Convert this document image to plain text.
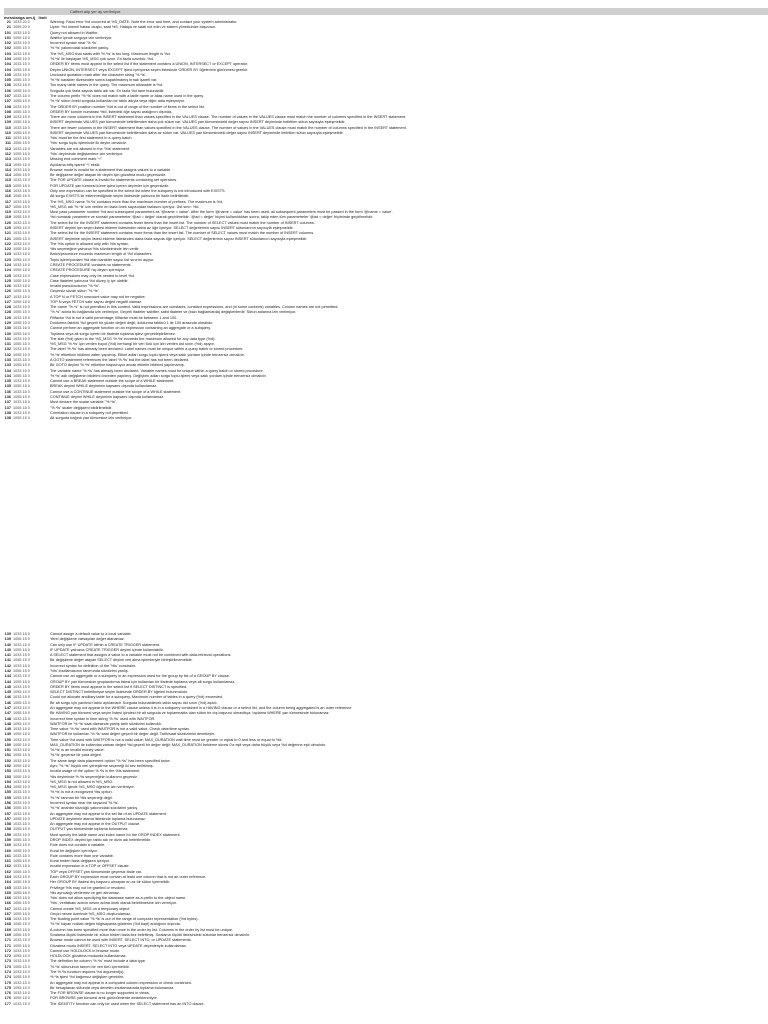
Caffeet alip yer ay verilmiyor.
messlanga om.ij_ limit
21 1033 20 0	Warning: Fatal error %d occurred at %S_DATE. Note the error and time, and contact your system administrator.
21 1055 20 0	Uyarı: %d önemli hatası oluştu, saat %S. Hataya ve saati not edin ve sistem yöneticinize başvurun.
101 1033 15 0	Query not allowed in Waitfor.
101 1055 15 0	Waitfor içinde sorguya izin verilmiyor.
102 1033 15 0	Incorrect syntax near '%.*ls'.
102 1055 15 0	'%.*ls' yakınındaki sözdizimi yanlış.
103 1033 15 0	The %S_MSG that starts with '%.*ls' is too long. Maximum length is %d.
103 1055 15 0	'%.*ls' ile başlayan %S_MSG çok uzun. En fazla uzunluk: %d.
104 1033 15 0	ORDER BY items must appear in the select list if the statement contains a UNION, INTERSECT or EXCEPT operator.
104 1055 15 0	Deyim UNION, INTERSECT veya EXCEPT işleci içeriyorsa seçim listesinde ORDER BY öğelerinin görünmesi gerekir.
105 1033 15 0	Unclosed quotation mark after the character string '%.*ls'.
105 1055 15 0	'%.*ls' karakter dizesinden sonra kapatılmamış tırnak işareti var.
106 1033 16 0	Too many table names in the query. The maximum allowable is %d.
106 1055 16 0	Sorguda çok fazla sayıda tablo adı var. En fazla %d tane bulunabilir.
107 1033 15 0	The column prefix '%.*ls' does not match with a table name or alias name used in the query.
107 1055 15 0	'%.*ls' sütun öneki sorguda kullanılan bir tablo adıyla veya diğer adla eşleşmiyor.
108 1033 15 0	The ORDER BY position number %ld is out of range of the number of items in the select list.
108 1055 15 0	ORDER BY konum numarası %ld, listedeki öğe sayısı aralığının dışında.
109 1033 15 0	There are more columns in the INSERT statement than values specified in the VALUES clause. The number of values in the VALUES clause must match the number of columns specified in the INSERT statement.
109 1055 15 0	INSERT deyiminde VALUES yan tümcesinde belirtilenden daha çok sütun var. VALUES yan tümcesindeki değer sayısı INSERT deyiminde belirtilen sütun sayısıyla eşleşmelidir.
110 1033 15 0	There are fewer columns in the INSERT statement than values specified in the VALUES clause. The number of values in the VALUES clause must match the number of columns specified in the INSERT statement.
110 1055 15 0	INSERT deyiminde VALUES yan tümcesinde belirtilenden daha az sütun var. VALUES yan tümcesindeki değer sayısı INSERT deyiminde belirtilen sütun sayısıyla eşleşmelidir.
111 1033 15 0	'%ls' must be the first statement in a query batch.
111 1055 15 0	'%ls' sorgu toplu işleminde ilk deyim olmalıdır.
112 1033 15 0	Variables are not allowed in the '%ls' statement.
112 1055 15 0	'%ls' deyiminde değişkenlere izin verilmiyor.
113 1033 15 0	Missing end comment mark '*/'.
113 1055 15 0	Açıklama bitiş işareti '*/' eksik.
114 1033 15 0	Browse mode is invalid for a statement that assigns values to a variable.
114 1055 15 0	Bir değişkene değer atayan bir deyim için gözatma modu geçersizdir.
115 1033 15 0	The FOR UPDATE clause is invalid for statements containing set operators.
115 1055 15 0	FOR UPDATE yan tümcesi küme işleci içeren deyimler için geçersizdir.
116 1033 16 0	Only one expression can be specified in the select list when the subquery is not introduced with EXISTS.
116 1055 16 0	Alt sorgu EXISTS ile eklenmediğinde seçim listesinde yalnızca bir ifade belirtilebilir.
117 1033 15 0	The %S_MSG name '%.*ls' contains more than the maximum number of prefixes. The maximum is %d.
117 1055 15 0	%S_MSG adı '%.*ls' izin verilen en fazla önek sayısından fazlasını içeriyor. Üst sınır: %d.
119 1033 15 0	Must pass parameter number %d and subsequent parameters as '@name = value'. After the form '@name = value' has been used, all subsequent parameters must be passed in the form '@name = value'.
119 1055 15 0	%d numaralı parametre ve sonraki parametreler '@ad = değer' olarak geçirilmelidir. '@ad = değer' biçimi kullanıldıktan sonra, takip eden tüm parametreler '@ad = değer' biçiminde geçirilmelidir.
120 1033 15 0	The select list for the INSERT statement contains fewer items than the insert list. The number of SELECT values must match the number of INSERT columns.
120 1055 15 0	INSERT deyimi için seçim listesi ekleme listesinden daha az öğe içeriyor. SELECT değerlerinin sayısı INSERT sütunlarının sayısıyla eşleşmelidir.
121 1033 15 0	The select list for the INSERT statement contains more items than the insert list. The number of SELECT values must match the number of INSERT columns.
121 1055 15 0	INSERT deyimine seçim listesi ekleme listesinden daha fazla sayıda öğe içeriyor. SELECT değerlerinin sayısı INSERT sütunlarının sayısıyla eşleşmelidir.
122 1033 15 0	The %ls option is allowed only with %ls syntax.
122 1055 15 0	%ls seçeneğine yalnızca %ls sözdiziminde izin verilir.
123 1033 15 0	Batch/procedure exceeds maximum length of %d characters.
123 1055 15 0	Toplu işlem/yordam %d olan karakter sayısı üst sınırını aşıyor.
124 1033 15 0	CREATE PROCEDURE contains no statements.
124 1055 15 0	CREATE PROCEDURE hiç deyim içermiyor.
125 1033 15 0	Case expressions may only be nested to level %d.
125 1055 15 0	Case ifadeleri yalnızca %d düzey iç içe olabilir.
126 1033 15 0	Invalid pseudocolumn "%.*ls".
126 1055 15 0	Geçersiz sözde sütun "%.*ls".
127 1033 15 0	A TOP N or FETCH rowcount value may not be negative.
127 1055 15 0	TOP N veya FETCH satır sayısı değeri negatif olamaz.
128 1033 15 0	The name "%.*s" is not permitted in this context. Valid expressions are constants, constant expressions, and (in some contexts) variables. Column names are not permitted.
128 1055 15 0	"%.*s" adına bu bağlamda izin verilmiyor. Geçerli ifadeler sabitler, sabit ifadeler ve (bazı bağlamlarda) değişkenlerdir. Sütun adlarına izin verilmiyor.
129 1033 15 0	Fillfactor %d is not a valid percentage; fillfactor must be between 1 and 100.
129 1055 15 0	Doldurma faktörü %d geçerli bir yüzde değeri değil; doldurma faktörü 1 ile 100 arasında olmalıdır.
130 1033 16 0	Cannot perform an aggregate function on an expression containing an aggregate or a subquery.
130 1055 16 0	Toplama veya alt sorgu içeren bir ifadede toplama işlevi gerçekleştirilemez.
131 1033 15 0	The size (%d) given to the %S_MSG '%.*ls' exceeds the maximum allowed for any data type (%d).
131 1055 15 0	%S_MSG '%.*ls' için verilen boyut (%d) herhangi bir veri türü için izin verilen üst sınırı (%d) aşıyor.
132 1033 15 0	The label '%.*ls' has already been declared. Label names must be unique within a query batch or stored procedure.
132 1055 15 0	'%.*ls' etiketinin bildirimi zaten yapılmış. Etiket adları sorgu toplu işlemi veya saklı yordam içinde benzersiz olmalıdır.
133 1033 15 0	A GOTO statement references the label '%.*ls' but the label has not been declared.
133 1055 15 0	Bir GOTO deyimi '%.*ls' etiketine başvuruyor ancak etiketin bildirimi yapılmamış.
134 1033 15 0	The variable name '%.*ls' has already been declared. Variable names must be unique within a query batch or stored procedure.
134 1055 15 0	'%.*ls' adlı değişkenin bildirimi önceden yapılmış. Değişken adları sorgu toplu işlemi veya saklı yordam içinde benzersiz olmalıdır.
135 1033 15 0	Cannot use a BREAK statement outside the scope of a WHILE statement.
135 1055 15 0	BREAK deyimi WHILE deyiminin kapsamı dışında kullanılamaz.
136 1033 15 0	Cannot use a CONTINUE statement outside the scope of a WHILE statement.
136 1055 15 0	CONTINUE deyimi WHILE deyiminin kapsamı dışında kullanılamaz.
137 1033 15 0	Must declare the scalar variable "%.*ls".
137 1055 15 0	"%.*ls" skaler değişkeni bildirilmelidir.
138 1033 15 0	Correlation clause in a subquery not permitted.
138 1055 15 0	Alt sorguda bağıntı yan tümcesine izin verilmiyor.
139 1033 15 0	Cannot assign a default value to a local variable.
139 1055 15 0	Yerel değişkene varsayılan değer atanamaz.
140 1033 15 0	Can only use IF UPDATE within a CREATE TRIGGER statement.
140 1055 15 0	IF UPDATE yalnızca CREATE TRIGGER deyimi içinde kullanılabilir.
141 1033 15 0	A SELECT statement that assigns a value to a variable must not be combined with data-retrieval operations.
141 1055 15 0	Bir değişkene değer atayan SELECT deyimi veri alma işlemleriyle birleştirilmemelidir.
142 1033 15 0	Incorrect syntax for definition of the '%ls' constraint.
142 1055 15 0	'%ls' kısıtlamasının tanımında sözdizimi yanlış.
144 1033 15 0	Cannot use an aggregate or a subquery in an expression used for the group by list of a GROUP BY clause.
144 1055 15 0	GROUP BY yan tümcesinin gruplandırma listesi için kullanılan bir ifadede toplama veya alt sorgu kullanılamaz.
145 1033 15 0	ORDER BY items must appear in the select list if SELECT DISTINCT is specified.
145 1055 15 0	SELECT DISTINCT belirtilmişse seçim listesinde ORDER BY öğeleri bulunmalıdır.
146 1033 15 0	Could not allocate ancillary table for a subquery. Maximum number of tables in a query (%d) exceeded.
146 1055 15 0	Bir alt sorgu için yardımcı tablo ayrılamadı. Sorguda bulunabilecek tablo sayısı üst sınırı (%d) aşıldı.
147 1033 15 0	An aggregate may not appear in the WHERE clause unless it is in a subquery contained in a HAVING clause or a select list, and the column being aggregated is an outer reference.
147 1055 15 0	Bir HAVING yan tümcesi veya seçim listesi içindeki bir alt sorguda ve toplanmakta olan sütun bir dış başvuru olmadıkça, toplama WHERE yan tümcesinde bulunamaz.
148 1033 15 0	Incorrect time syntax in time string '%.*ls' used with WAITFOR.
148 1055 15 0	WAITFOR ile '%.*ls' saat dizesinde yanlış tarih sözdizimi kullanıldı.
149 1033 15 0	Time value '%.*ls' used with WAITFOR is not a valid value. Check date/time syntax.
149 1055 15 0	WAITFOR ile kullanılan '%.*ls' saat değeri geçerli bir değer değil. Tarih/saat sözdizimini denetleyin.
150 1033 15 0	Time value %d used with WAITFOR is not a valid value; MAX_DURATION wait time must be greater or equal to 0 and less or equal to %d.
150 1055 15 0	MAX_DURATION ile kullanılan zaman değeri %d geçerli bir değer değil; MAX_DURATION bekleme süresi 0'a eşit veya daha büyük veya %d değerine eşit olmalıdır.
151 1033 15 0	'%.*ls' is an invalid money value.
151 1055 15 0	'%.*ls' geçersiz bir para değeri.
152 1033 15 0	The same large data placement option "%.*ls" has been specified twice.
152 1055 15 0	Aynı "%.*ls" büyük veri yerleştirme seçeneği iki kez belirtilmiş.
153 1033 15 0	Invalid usage of the option %.*ls in the %ls statement.
153 1055 15 0	%ls deyiminde %.*ls seçeneğinin kullanımı geçersiz.
154 1033 15 0	%S_MSG is not allowed in %S_MSG.
154 1055 15 0	%S_MSG içinde %S_MSG öğesine izin verilmiyor.
155 1033 15 0	'%.*ls' is not a recognized %ls option.
155 1055 15 0	'%.*ls' tanınan bir %ls seçeneği değil.
156 1033 15 0	Incorrect syntax near the keyword '%.*ls'.
156 1055 15 0	'%.*ls' anahtar sözcüğü yakınındaki sözdizimi yanlış.
157 1033 15 0	An aggregate may not appear in the set list of an UPDATE statement.
157 1055 15 0	UPDATE deyiminin atama listesinde toplama bulunamaz.
158 1033 15 0	An aggregate may not appear in the OUTPUT clause.
158 1055 15 0	OUTPUT yan tümcesinde toplama bulunamaz.
159 1033 15 0	Must specify the table name and index name for the DROP INDEX statement.
159 1055 15 0	DROP INDEX deyimi için tablo adı ve dizin adı belirtilmelidir.
160 1033 15 0	Rule does not contain a variable.
160 1055 15 0	Kural bir değişken içermiyor.
161 1033 15 0	Rule contains more than one variable.
161 1055 15 0	Kural birden fazla değişken içeriyor.
162 1033 15 0	Invalid expression in a TOP or OFFSET clause.
162 1055 15 0	TOP veya OFFSET yan tümcesinde geçersiz ifade var.
164 1033 15 0	Each GROUP BY expression must contain at least one column that is not an outer reference.
164 1055 15 0	Her GROUP BY ifadesi dış başvuru olmayan en az bir sütun içermelidir.
165 1033 16 0	Privilege %ls may not be granted or revoked.
165 1055 16 0	%ls ayrıcalığı verilemez ve geri alınamaz.
166 1033 15 0	'%ls' does not allow specifying the database name as a prefix to the object name.
166 1055 15 0	'%ls', veritabanı adının nesne adına önek olarak belirtilmesine izin vermiyor.
167 1033 15 0	Cannot create %S_MSG on a temporary object.
167 1055 15 0	Geçici nesne üzerinde %S_MSG oluşturulamaz.
168 1033 15 0	The floating point value '%.*ls' is out of the range of computer representation (%d bytes).
168 1055 15 0	'%.*ls' kayan noktalı değeri bilgisayarda gösterim (%d bayt) aralığının dışında.
169 1033 15 0	A column has been specified more than once in the order by list. Columns in the order by list must be unique.
169 1055 15 0	Sıralama ölçütü listesinde bir sütun birden fazla kez belirtilmiş. Sıralama ölçütü listesindeki sütunlar benzersiz olmalıdır.
171 1033 15 0	Browse mode cannot be used with INSERT, SELECT INTO, or UPDATE statements.
171 1055 15 0	Gözatma modu INSERT, SELECT INTO veya UPDATE deyimleriyle kullanılamaz.
172 1033 15 0	Cannot use HOLDLOCK in browse mode.
172 1055 15 0	HOLDLOCK gözatma modunda kullanılamaz.
173 1033 15 0	The definition for column '%.*ls' must include a data type.
173 1055 15 0	'%.*ls' sütununun tanımı bir veri türü içermelidir.
174 1033 15 0	The %.*ls function requires %d argument(s).
174 1055 15 0	%.*ls işlevi %d bağımsız değişken gerektirir.
175 1033 15 0	An aggregate may not appear in a computed column expression or check constraint.
175 1055 15 0	Bir hesaplanan sütunda veya denetim kısıtlamasında toplama bulunamaz.
176 1033 15 0	The FOR BROWSE clause is no longer supported in views.
176 1055 15 0	FOR BROWSE yan tümcesi artık görünümlerde desteklenmiyor.
177 1033 15 0	The IDENTITY function can only be used when the SELECT statement has an INTO clause.
